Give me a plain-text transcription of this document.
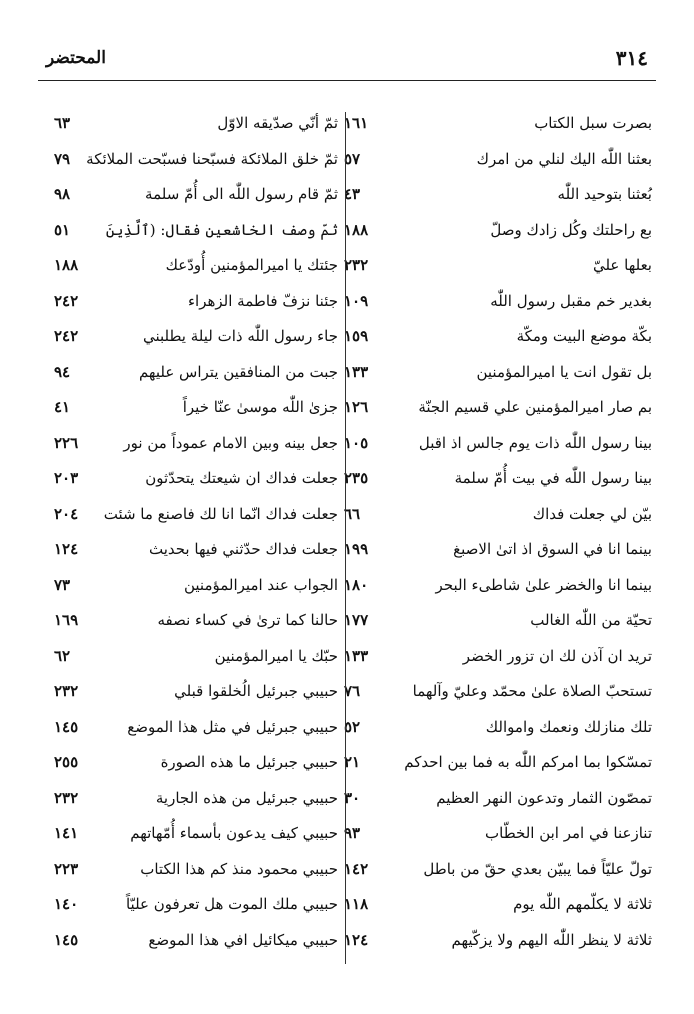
٣١٤
المحتضر
بصرت سبل الكتاب
١٦١
بعثنا اللّٰه اليك لنلي من امرك
٥٧
بُعثنا بتوحيد اللّٰه
٤٣
بع راحلتك وكُل زادك وصلّ
١٨٨
بعلها عليّ
٢٣٢
بغدير خم مقبل رسول اللّٰه
١٠٩
بكّة موضع البيت ومكّة
١٥٩
بل تقول انت يا اميرالمؤمنين
١٣٣
بم صار اميرالمؤمنين علي قسيم الجنّة
١٢٦
بينا رسول اللّٰه ذات يوم جالس اذ اقبل
١٠٥
بينا رسول اللّٰه في بيت أُمّ سلمة
٢٣٥
بيّن لي جعلت فداك
٦٦
بينما انا في السوق اذ اتىٰ الاصبغ
١٩٩
بينما انا والخضر علىٰ شاطىء البحر
١٨٠
تحيّة من اللّٰه الغالب
١٧٧
تريد ان آذن لك ان تزور الخضر
١٣٣
تستحبّ الصلاة علىٰ محمّد وعليّ وآلهما
٧٦
تلك منازلك ونعمك واموالك
٥٢
تمسّكوا بما امركم اللّٰه به فما بين احدكم
٢١
تمصّون الثمار وتدعون النهر العظيم
٣٠
تنازعنا في امر ابن الخطّاب
٩٣
تولّ عليّاً فما يبيّن بعدي حقّ من باطل
١٤٢
ثلاثة لا يكلّمهم اللّٰه يوم
١١٨
ثلاثة لا ينظر اللّٰه اليهم ولا يزكّيهم
١٢٤
ثمّ أنّي صدّيقه الاوّل
٦٣
ثمّ خلق الملائكة فسبّحنا فسبّحت الملائكة
٧٩
ثمّ قام رسول اللّٰه الى أُمّ سلمة
٩٨
ثمّ وصف الخاشعين فقال: (ٱلَّذِينَ
٥١
جئتك يا اميرالمؤمنين أُودّعك
١٨٨
جئنا نزفّ فاطمة الزهراء
٢٤٢
جاء رسول اللّٰه ذات ليلة يطلبني
٢٤٢
جبت من المنافقين يتراس عليهم
٩٤
جزىٰ اللّٰه موسىٰ عنّا خيراً
٤١
جعل بينه وبين الامام عموداً من نور
٢٢٦
جعلت فداك ان شيعتك يتحدّثون
٢٠٣
جعلت فداك انّما انا لك فاصنع ما شئت
٢٠٤
جعلت فداك حدّثني فيها بحديث
١٢٤
الجواب عند اميرالمؤمنين
٧٣
حالنا كما ترىٰ في كساء نصفه
١٦٩
حبّك يا اميرالمؤمنين
٦٢
حبيبي جبرئيل الُخلقوا قبلي
٢٣٢
حبيبي جبرئيل في مثل هذا الموضع
١٤٥
حبيبي جبرئيل ما هذه الصورة
٢٥٥
حبيبي جبرئيل من هذه الجارية
٢٣٢
حبيبي كيف يدعون بأسماء أُمّهاتهم
١٤١
حبيبي محمود منذ كم هذا الكتاب
٢٢٣
حبيبي ملك الموت هل تعرفون عليّاً
١٤٠
حبيبي ميكائيل افي هذا الموضع
١٤٥
